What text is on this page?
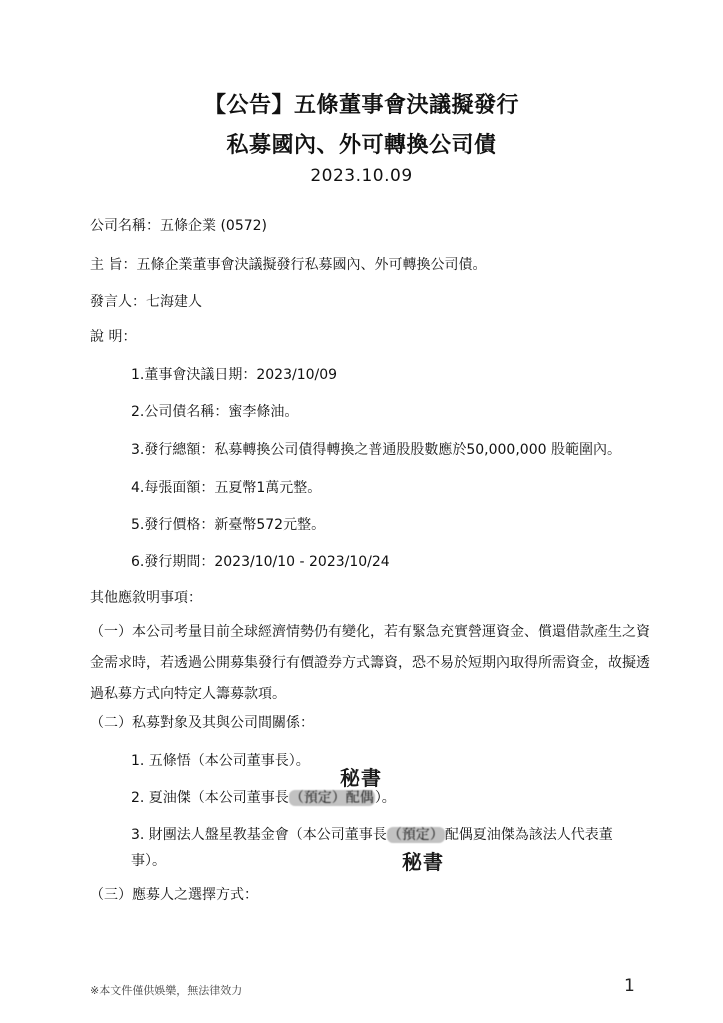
【公告】五條董事會決議擬發行
私募國內、外可轉換公司債
2023.10.09
公司名稱：五條企業 (0572)
主 旨：五條企業董事會決議擬發行私募國內、外可轉換公司債。
發言人：七海建人
說 明：
1.董事會決議日期：2023/10/09
2.公司債名稱：蜜李條油。
3.發行總額：私募轉換公司債得轉換之普通股股數應於50,000,000 股範圍內。
4.每張面額：五夏幣1萬元整。
5.發行價格：新臺幣572元整。
6.發行期間：2023/10/10 - 2023/10/24
其他應敘明事項：
（一）本公司考量目前全球經濟情勢仍有變化，若有緊急充實營運資金、償還借款產生之資金需求時，若透過公開募集發行有價證券方式籌資，恐不易於短期內取得所需資金，故擬透過私募方式向特定人籌募款項。
（二）私募對象及其與公司間關係：
1. 五條悟（本公司董事長）。
秘書
2. 夏油傑（本公司董事長（預定）配偶）。
3. 財團法人盤星教基金會（本公司董事長（預定）配偶夏油傑為該法人代表董
事）。	秘書
（三）應募人之選擇方式：
※本文件僅供娛樂，無法律效力	1
